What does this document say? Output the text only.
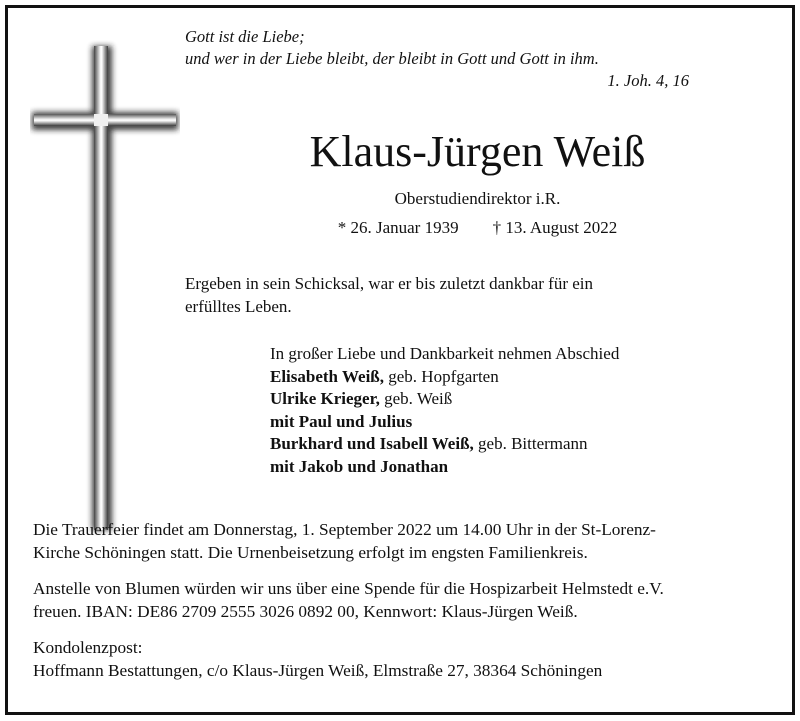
Gott ist die Liebe;
und wer in der Liebe bleibt, der bleibt in Gott und Gott in ihm.
1. Joh. 4, 16
Klaus-Jürgen Weiß
Oberstudiendirektor i.R.
* 26. Januar 1939 † 13. August 2022
Ergeben in sein Schicksal, war er bis zuletzt dankbar für ein
erfülltes Leben.
In großer Liebe und Dankbarkeit nehmen Abschied
Elisabeth Weiß, geb. Hopfgarten
Ulrike Krieger, geb. Weiß
mit Paul und Julius
Burkhard und Isabell Weiß, geb. Bittermann
mit Jakob und Jonathan
Die Trauerfeier findet am Donnerstag, 1. September 2022 um 14.00 Uhr in der St-Lorenz-
Kirche Schöningen statt. Die Urnenbeisetzung erfolgt im engsten Familienkreis.
Anstelle von Blumen würden wir uns über eine Spende für die Hospizarbeit Helmstedt e.V.
freuen. IBAN: DE86 2709 2555 3026 0892 00, Kennwort: Klaus-Jürgen Weiß.
Kondolenzpost:
Hoffmann Bestattungen, c/o Klaus-Jürgen Weiß, Elmstraße 27, 38364 Schöningen
